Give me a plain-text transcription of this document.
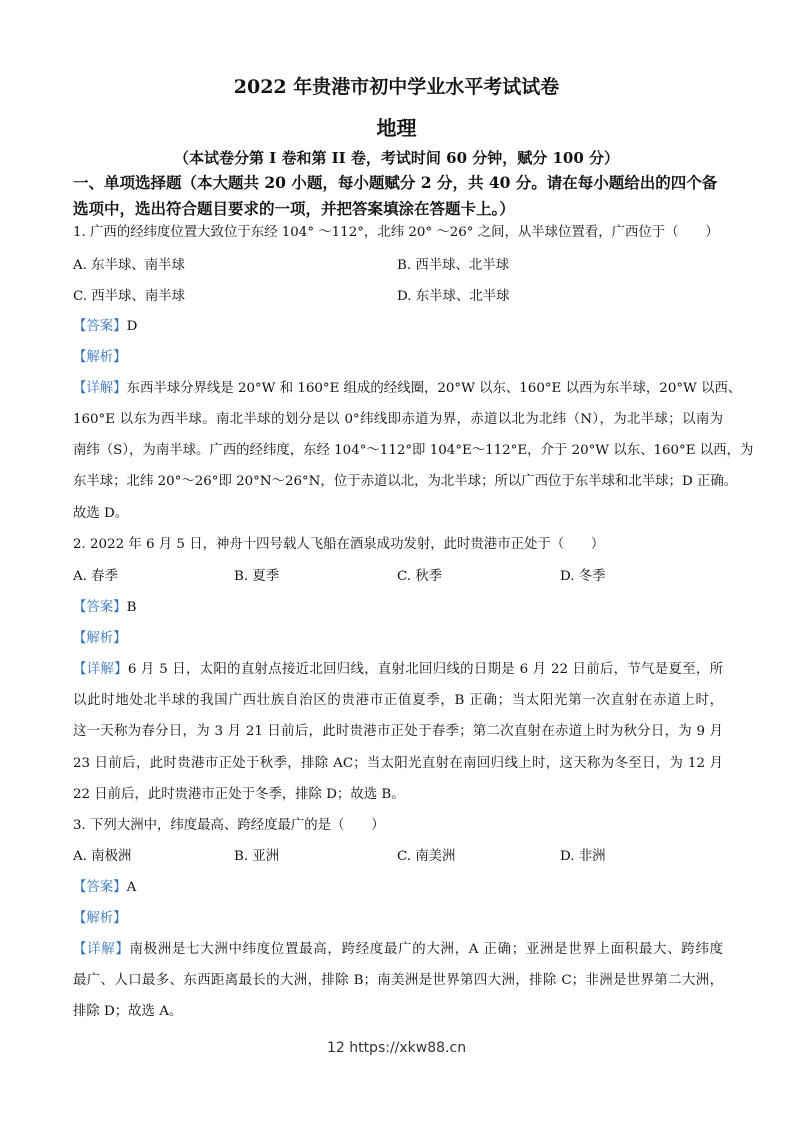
2022 年贵港市初中学业水平考试试卷
地理
（本试卷分第 I 卷和第 II 卷，考试时间 60 分钟，赋分 100 分）
一、单项选择题（本大题共 20 小题，每小题赋分 2 分，共 40 分。请在每小题给出的四个备选项中，选出符合题目要求的一项，并把答案填涂在答题卡上。）
1. 广西的经纬度位置大致位于东经 104° ～112°，北纬 20° ～26° 之间，从半球位置看，广西位于（　　）
A. 东半球、南半球	B. 西半球、北半球
C. 西半球、南半球	D. 东半球、北半球
【答案】D
【解析】
【详解】东西半球分界线是 20°W 和 160°E 组成的经线圈，20°W 以东、160°E 以西为东半球，20°W 以西、
160°E 以东为西半球。南北半球的划分是以 0°纬线即赤道为界，赤道以北为北纬（N），为北半球；以南为
南纬（S），为南半球。广西的经纬度，东经 104°～112°即 104°E～112°E，介于 20°W 以东、160°E 以西，为
东半球；北纬 20°～26°即 20°N～26°N，位于赤道以北，为北半球；所以广西位于东半球和北半球；D 正确。
故选 D。
2. 2022 年 6 月 5 日，神舟十四号载人飞船在酒泉成功发射，此时贵港市正处于（　　）
A. 春季	B. 夏季	C. 秋季	D. 冬季
【答案】B
【解析】
【详解】6 月 5 日，太阳的直射点接近北回归线，直射北回归线的日期是 6 月 22 日前后，节气是夏至，所
以此时地处北半球的我国广西壮族自治区的贵港市正值夏季，B 正确；当太阳光第一次直射在赤道上时，
这一天称为春分日，为 3 月 21 日前后，此时贵港市正处于春季；第二次直射在赤道上时为秋分日，为 9 月
23 日前后，此时贵港市正处于秋季，排除 AC；当太阳光直射在南回归线上时，这天称为冬至日，为 12 月
22 日前后，此时贵港市正处于冬季，排除 D；故选 B。
3. 下列大洲中，纬度最高、跨经度最广的是（　　）
A. 南极洲	B. 亚洲	C. 南美洲	D. 非洲
【答案】A
【解析】
【详解】南极洲是七大洲中纬度位置最高，跨经度最广的大洲，A 正确；亚洲是世界上面积最大、跨纬度
最广、人口最多、东西距离最长的大洲，排除 B；南美洲是世界第四大洲，排除 C；非洲是世界第二大洲，
排除 D；故选 A。
12 https://xkw88.cn
